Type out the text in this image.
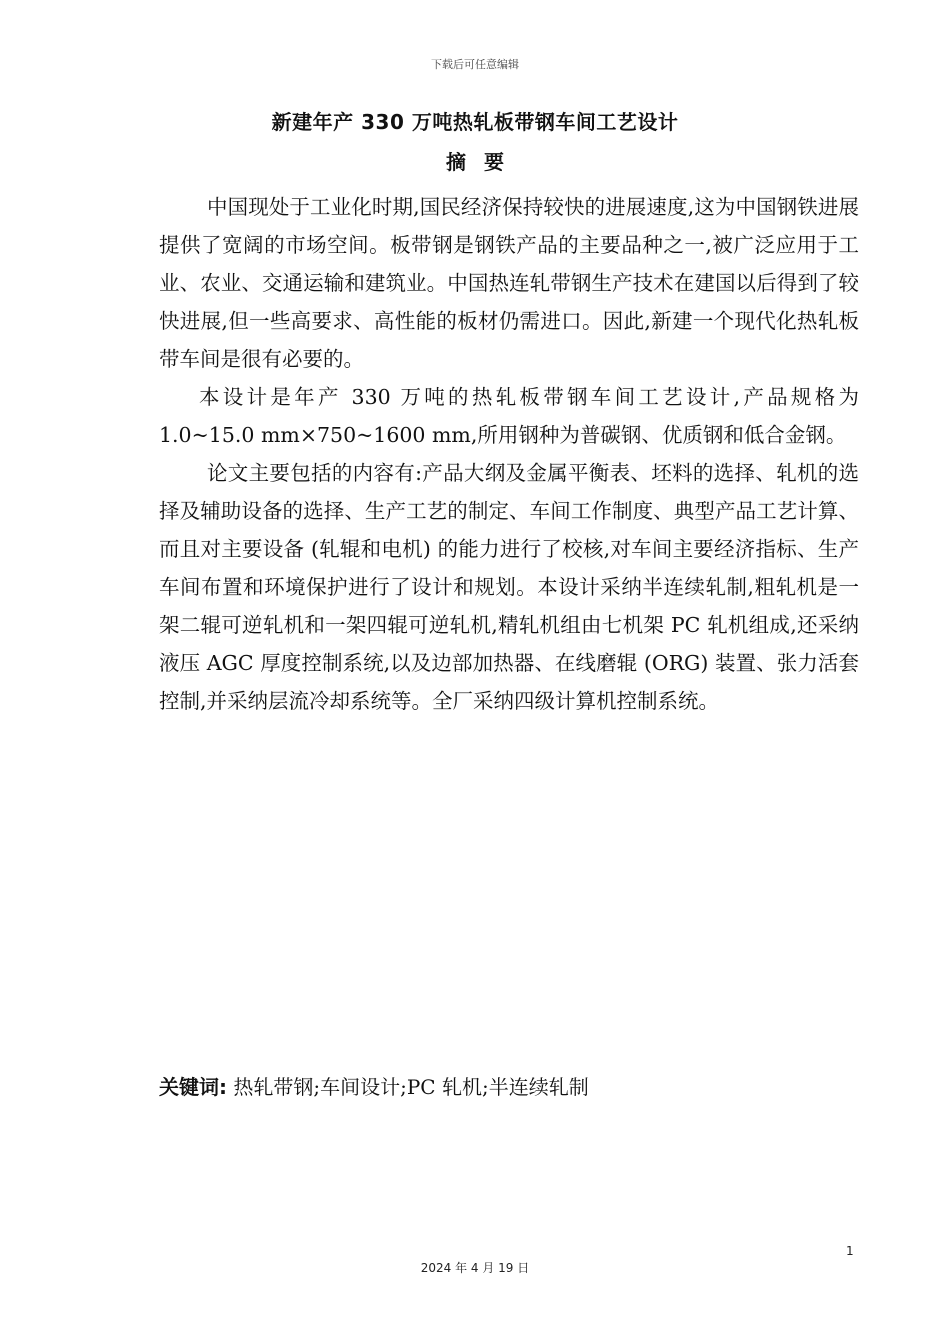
下载后可任意编辑
新建年产 330 万吨热轧板带钢车间工艺设计
摘要

中国现处于工业化时期,国民经济保持较快的进展速度,这为中国钢铁进展提供了宽阔的市场空间。板带钢是钢铁产品的主要品种之一,被广泛应用于工业、农业、交通运输和建筑业。中国热连轧带钢生产技术在建国以后得到了较快进展,但一些高要求、高性能的板材仍需进口。因此,新建一个现代化热轧板带车间是很有必要的。

本设计是年产 330 万吨的热轧板带钢车间工艺设计,产品规格为 1.0~15.0 mm×750~1600 mm,所用钢种为普碳钢、优质钢和低合金钢。

论文主要包括的内容有:产品大纲及金属平衡表、坯料的选择、轧机的选择及辅助设备的选择、生产工艺的制定、车间工作制度、典型产品工艺计算、而且对主要设备 (轧辊和电机) 的能力进行了校核,对车间主要经济指标、生产车间布置和环境保护进行了设计和规划。本设计采纳半连续轧制,粗轧机是一架二辊可逆轧机和一架四辊可逆轧机,精轧机组由七机架 PC 轧机组成,还采纳液压 AGC 厚度控制系统,以及边部加热器、在线磨辊 (ORG) 装置、张力活套控制,并采纳层流冷却系统等。全厂采纳四级计算机控制系统。

关键词: 热轧带钢;车间设计;PC 轧机;半连续轧制
1
2024 年 4 月 19 日
